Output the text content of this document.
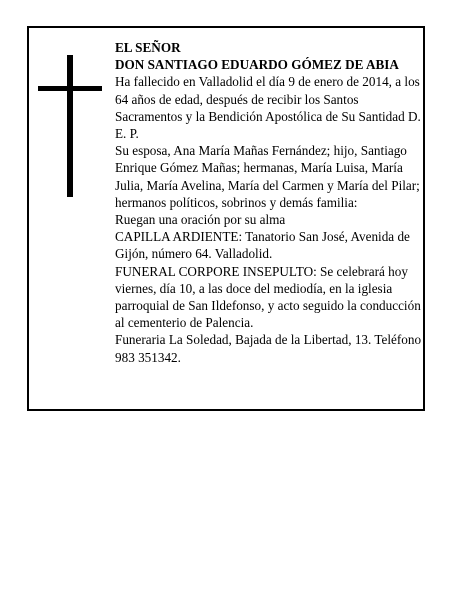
EL SEÑOR

DON SANTIAGO EDUARDO GÓMEZ DE ABIA

Ha fallecido en Valladolid el día 9 de enero de 2014, a los 64 años de edad, después de recibir los Santos Sacramentos y la Bendición Apostólica de Su Santidad D. E. P.

Su esposa, Ana María Mañas Fernández; hijo, Santiago Enrique Gómez Mañas; hermanas, María Luisa, María Julia, María Avelina, María del Carmen y María del Pilar; hermanos políticos, sobrinos y demás familia:

Ruegan una oración por su alma

CAPILLA ARDIENTE: Tanatorio San José, Avenida de Gijón, número 64. Valladolid.

FUNERAL CORPORE INSEPULTO: Se celebrará hoy viernes, día 10, a las doce del mediodía, en la iglesia parroquial de San Ildefonso, y acto seguido la conducción al cementerio de Palencia.

Funeraria La Soledad, Bajada de la Libertad, 13. Teléfono 983 351342.
